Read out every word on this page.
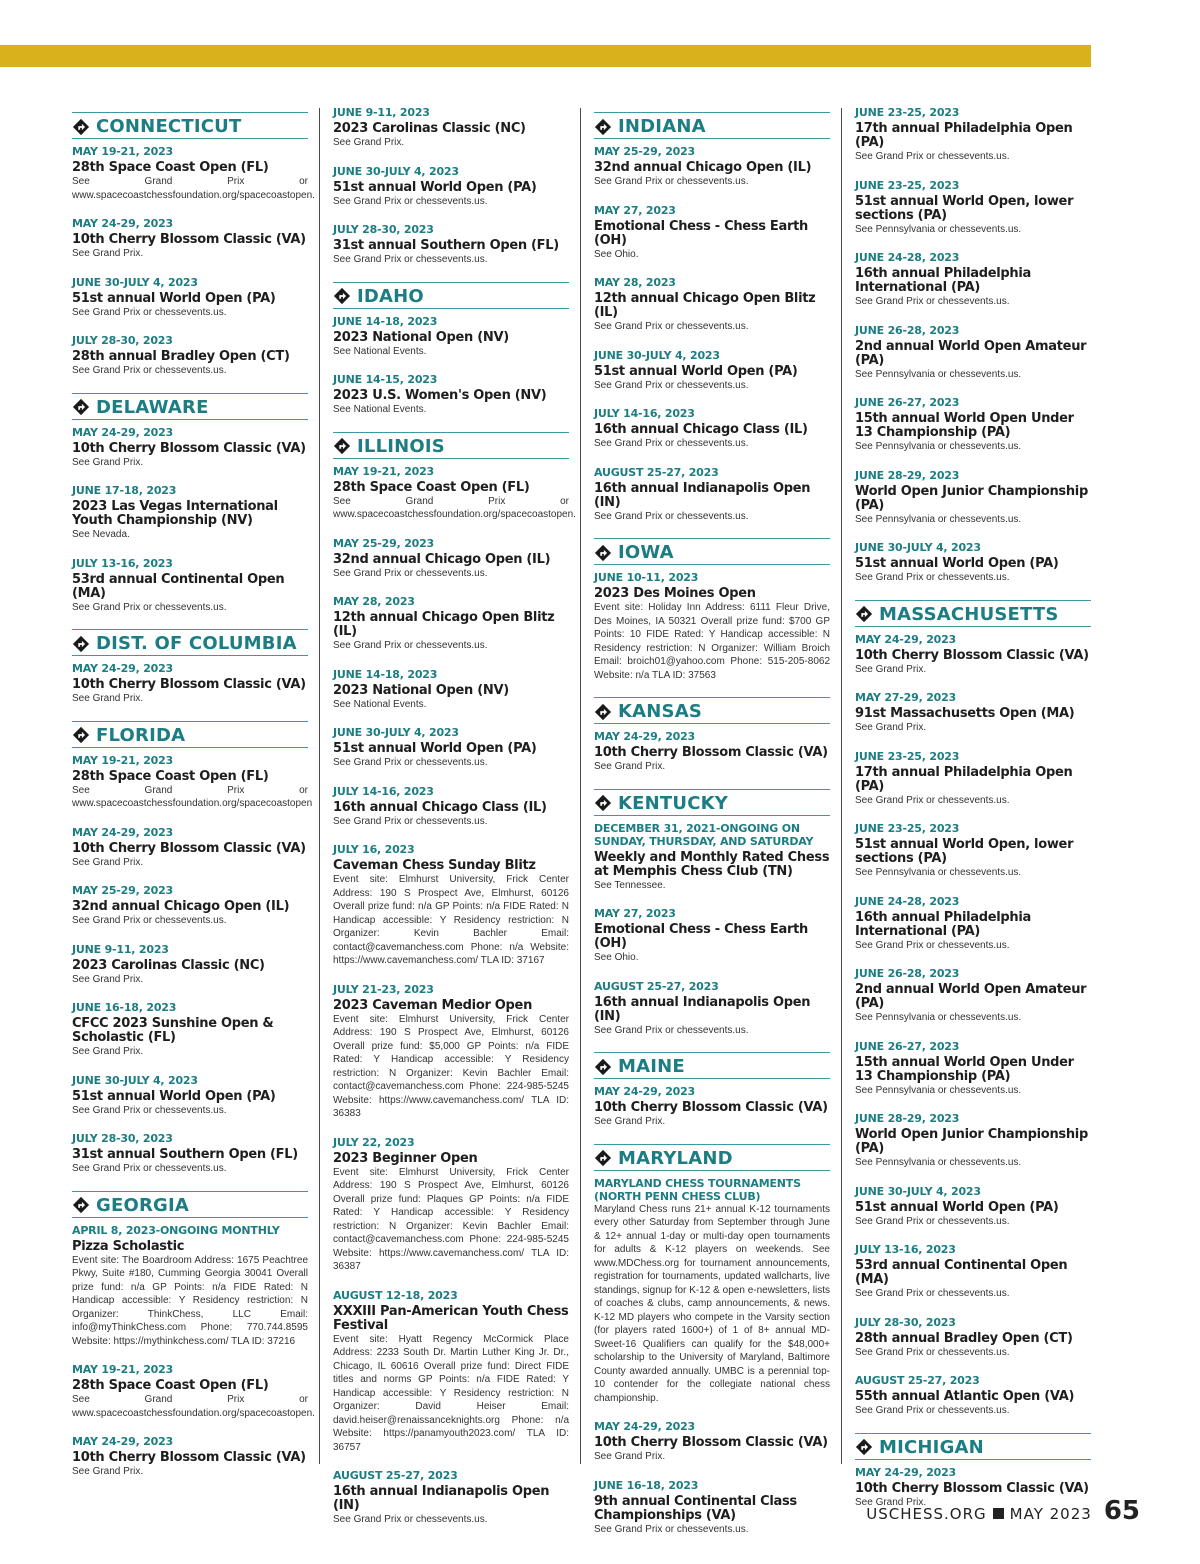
CONNECTICUT
MAY 19-21, 2023
28th Space Coast Open (FL)
See Grand Prix or www.spacecoastchessfoundation.org/spacecoastopen.
MAY 24-29, 2023
10th Cherry Blossom Classic (VA)
See Grand Prix.
JUNE 30-JULY 4, 2023
51st annual World Open (PA)
See Grand Prix or chessevents.us.
JULY 28-30, 2023
28th annual Bradley Open (CT)
See Grand Prix or chessevents.us.
DELAWARE
MAY 24-29, 2023
10th Cherry Blossom Classic (VA)
See Grand Prix.
JUNE 17-18, 2023
2023 Las Vegas International Youth Championship (NV)
See Nevada.
JULY 13-16, 2023
53rd annual Continental Open (MA)
See Grand Prix or chessevents.us.
DIST. OF COLUMBIA
MAY 24-29, 2023
10th Cherry Blossom Classic (VA)
See Grand Prix.
FLORIDA
MAY 19-21, 2023
28th Space Coast Open (FL)
See Grand Prix or www.spacecoastchessfoundation.org/spacecoastopen
MAY 24-29, 2023
10th Cherry Blossom Classic (VA)
See Grand Prix.
MAY 25-29, 2023
32nd annual Chicago Open (IL)
See Grand Prix or chessevents.us.
JUNE 9-11, 2023
2023 Carolinas Classic (NC)
See Grand Prix.
JUNE 16-18, 2023
CFCC 2023 Sunshine Open & Scholastic (FL)
See Grand Prix.
JUNE 30-JULY 4, 2023
51st annual World Open (PA)
See Grand Prix or chessevents.us.
JULY 28-30, 2023
31st annual Southern Open (FL)
See Grand Prix or chessevents.us.
GEORGIA
APRIL 8, 2023-ONGOING MONTHLY
Pizza Scholastic
Event site: The Boardroom Address: 1675 Peachtree Pkwy, Suite #180, Cumming Georgia 30041 Overall prize fund: n/a GP Points: n/a FIDE Rated: N Handicap accessible: Y Residency restriction: N Organizer: ThinkChess, LLC Email: info@myThinkChess.com Phone: 770.744.8595 Website: https://mythinkchess.com/ TLA ID: 37216
MAY 19-21, 2023
28th Space Coast Open (FL)
See Grand Prix or www.spacecoastchessfoundation.org/spacecoastopen.
MAY 24-29, 2023
10th Cherry Blossom Classic (VA)
See Grand Prix.
JUNE 9-11, 2023
2023 Carolinas Classic (NC)
See Grand Prix.
JUNE 30-JULY 4, 2023
51st annual World Open (PA)
See Grand Prix or chessevents.us.
JULY 28-30, 2023
31st annual Southern Open (FL)
See Grand Prix or chessevents.us.
IDAHO
JUNE 14-18, 2023
2023 National Open (NV)
See National Events.
JUNE 14-15, 2023
2023 U.S. Women's Open (NV)
See National Events.
ILLINOIS
MAY 19-21, 2023
28th Space Coast Open (FL)
See Grand Prix or www.spacecoastchessfoundation.org/spacecoastopen.
MAY 25-29, 2023
32nd annual Chicago Open (IL)
See Grand Prix or chessevents.us.
MAY 28, 2023
12th annual Chicago Open Blitz (IL)
See Grand Prix or chessevents.us.
JUNE 14-18, 2023
2023 National Open (NV)
See National Events.
JUNE 30-JULY 4, 2023
51st annual World Open (PA)
See Grand Prix or chessevents.us.
JULY 14-16, 2023
16th annual Chicago Class (IL)
See Grand Prix or chessevents.us.
JULY 16, 2023
Caveman Chess Sunday Blitz
Event site: Elmhurst University, Frick Center Address: 190 S Prospect Ave, Elmhurst, 60126 Overall prize fund: n/a GP Points: n/a FIDE Rated: N Handicap accessible: Y Residency restriction: N Organizer: Kevin Bachler Email: contact@cavemanchess.com Phone: n/a Website: https://www.cavemanchess.com/ TLA ID: 37167
JULY 21-23, 2023
2023 Caveman Medior Open
Event site: Elmhurst University, Frick Center Address: 190 S Prospect Ave, Elmhurst, 60126 Overall prize fund: $5,000 GP Points: n/a FIDE Rated: Y Handicap accessible: Y Residency restriction: N Organizer: Kevin Bachler Email: contact@cavemanchess.com Phone: 224-985-5245 Website: https://www.cavemanchess.com/ TLA ID: 36383
JULY 22, 2023
2023 Beginner Open
Event site: Elmhurst University, Frick Center Address: 190 S Prospect Ave, Elmhurst, 60126 Overall prize fund: Plaques GP Points: n/a FIDE Rated: Y Handicap accessible: Y Residency restriction: N Organizer: Kevin Bachler Email: contact@cavemanchess.com Phone: 224-985-5245 Website: https://www.cavemanchess.com/ TLA ID: 36387
AUGUST 12-18, 2023
XXXIII Pan-American Youth Chess Festival
Event site: Hyatt Regency McCormick Place Address: 2233 South Dr. Martin Luther King Jr. Dr., Chicago, IL 60616 Overall prize fund: Direct FIDE titles and norms GP Points: n/a FIDE Rated: Y Handicap accessible: Y Residency restriction: N Organizer: David Heiser Email: david.heiser@renaissanceknights.org Phone: n/a Website: https://panamyouth2023.com/ TLA ID: 36757
AUGUST 25-27, 2023
16th annual Indianapolis Open (IN)
See Grand Prix or chessevents.us.
INDIANA
MAY 25-29, 2023
32nd annual Chicago Open (IL)
See Grand Prix or chessevents.us.
MAY 27, 2023
Emotional Chess - Chess Earth (OH)
See Ohio.
MAY 28, 2023
12th annual Chicago Open Blitz (IL)
See Grand Prix or chessevents.us.
JUNE 30-JULY 4, 2023
51st annual World Open (PA)
See Grand Prix or chessevents.us.
JULY 14-16, 2023
16th annual Chicago Class (IL)
See Grand Prix or chessevents.us.
AUGUST 25-27, 2023
16th annual Indianapolis Open (IN)
See Grand Prix or chessevents.us.
IOWA
JUNE 10-11, 2023
2023 Des Moines Open
Event site: Holiday Inn Address: 6111 Fleur Drive, Des Moines, IA 50321 Overall prize fund: $700 GP Points: 10 FIDE Rated: Y Handicap accessible: N Residency restriction: N Organizer: William Broich Email: broich01@yahoo.com Phone: 515-205-8062 Website: n/a TLA ID: 37563
KANSAS
MAY 24-29, 2023
10th Cherry Blossom Classic (VA)
See Grand Prix.
KENTUCKY
DECEMBER 31, 2021-ONGOING ON SUNDAY, THURSDAY, AND SATURDAY
Weekly and Monthly Rated Chess at Memphis Chess Club (TN)
See Tennessee.
MAY 27, 2023
Emotional Chess - Chess Earth (OH)
See Ohio.
AUGUST 25-27, 2023
16th annual Indianapolis Open (IN)
See Grand Prix or chessevents.us.
MAINE
MAY 24-29, 2023
10th Cherry Blossom Classic (VA)
See Grand Prix.
MARYLAND
MARYLAND CHESS TOURNAMENTS (NORTH PENN CHESS CLUB)
Maryland Chess runs 21+ annual K-12 tournaments every other Saturday from September through June & 12+ annual 1-day or multi-day open tournaments for adults & K-12 players on weekends. See www.MDChess.org for tournament announcements, registration for tournaments, updated wallcharts, live standings, signup for K-12 & open e-newsletters, lists of coaches & clubs, camp announcements, & news. K-12 MD players who compete in the Varsity section (for players rated 1600+) of 1 of 8+ annual MD-Sweet-16 Qualifiers can qualify for the $48,000+ scholarship to the University of Maryland, Baltimore County awarded annually. UMBC is a perennial top-10 contender for the collegiate national chess championship.
MAY 24-29, 2023
10th Cherry Blossom Classic (VA)
See Grand Prix.
JUNE 16-18, 2023
9th annual Continental Class Championships (VA)
See Grand Prix or chessevents.us.
JUNE 23-25, 2023
17th annual Philadelphia Open (PA)
See Grand Prix or chessevents.us.
JUNE 23-25, 2023
51st annual World Open, lower sections (PA)
See Pennsylvania or chessevents.us.
JUNE 24-28, 2023
16th annual Philadelphia International (PA)
See Grand Prix or chessevents.us.
JUNE 26-28, 2023
2nd annual World Open Amateur (PA)
See Pennsylvania or chessevents.us.
JUNE 26-27, 2023
15th annual World Open Under 13 Championship (PA)
See Pennsylvania or chessevents.us.
JUNE 28-29, 2023
World Open Junior Championship (PA)
See Pennsylvania or chessevents.us.
JUNE 30-JULY 4, 2023
51st annual World Open (PA)
See Grand Prix or chessevents.us.
MASSACHUSETTS
MAY 24-29, 2023
10th Cherry Blossom Classic (VA)
See Grand Prix.
MAY 27-29, 2023
91st Massachusetts Open (MA)
See Grand Prix.
JUNE 23-25, 2023
17th annual Philadelphia Open (PA)
See Grand Prix or chessevents.us.
JUNE 23-25, 2023
51st annual World Open, lower sections (PA)
See Pennsylvania or chessevents.us.
JUNE 24-28, 2023
16th annual Philadelphia International (PA)
See Grand Prix or chessevents.us.
JUNE 26-28, 2023
2nd annual World Open Amateur (PA)
See Pennsylvania or chessevents.us.
JUNE 26-27, 2023
15th annual World Open Under 13 Championship (PA)
See Pennsylvania or chessevents.us.
JUNE 28-29, 2023
World Open Junior Championship (PA)
See Pennsylvania or chessevents.us.
JUNE 30-JULY 4, 2023
51st annual World Open (PA)
See Grand Prix or chessevents.us.
JULY 13-16, 2023
53rd annual Continental Open (MA)
See Grand Prix or chessevents.us.
JULY 28-30, 2023
28th annual Bradley Open (CT)
See Grand Prix or chessevents.us.
AUGUST 25-27, 2023
55th annual Atlantic Open (VA)
See Grand Prix or chessevents.us.
MICHIGAN
MAY 24-29, 2023
10th Cherry Blossom Classic (VA)
See Grand Prix.
USCHESS.ORG MAY 2023 65
